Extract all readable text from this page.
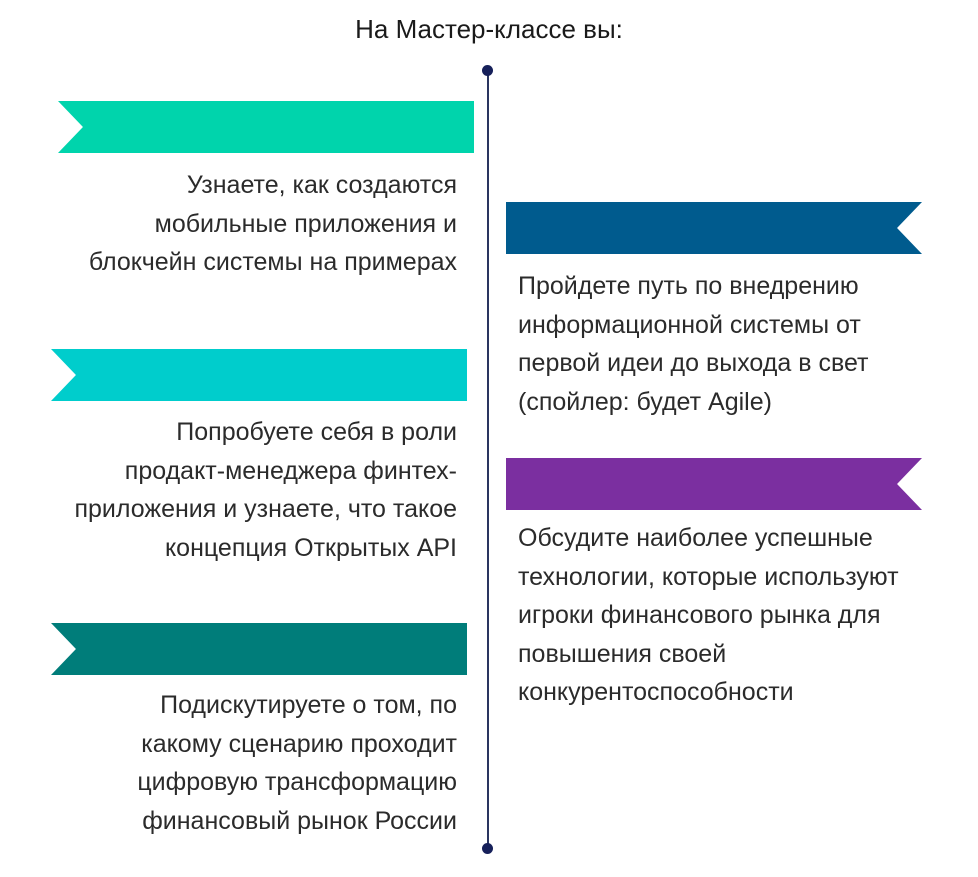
На Мастер-классе вы:
Узнаете, как создаются
мобильные приложения и
блокчейн системы на примерах
Пройдете путь по внедрению
информационной системы от
первой идеи до выхода в свет
(спойлер: будет Agile)
Попробуете себя в роли
продакт-менеджера финтех-
приложения и узнаете, что такое
концепция Открытых API Обсудите наиболее успешные
технологии, которые используют
игроки финансового рынка для
повышения своей
конкурентоспособности
Подискутируете о том, по
какому сценарию проходит
цифровую трансформацию
финансовый рынок России
